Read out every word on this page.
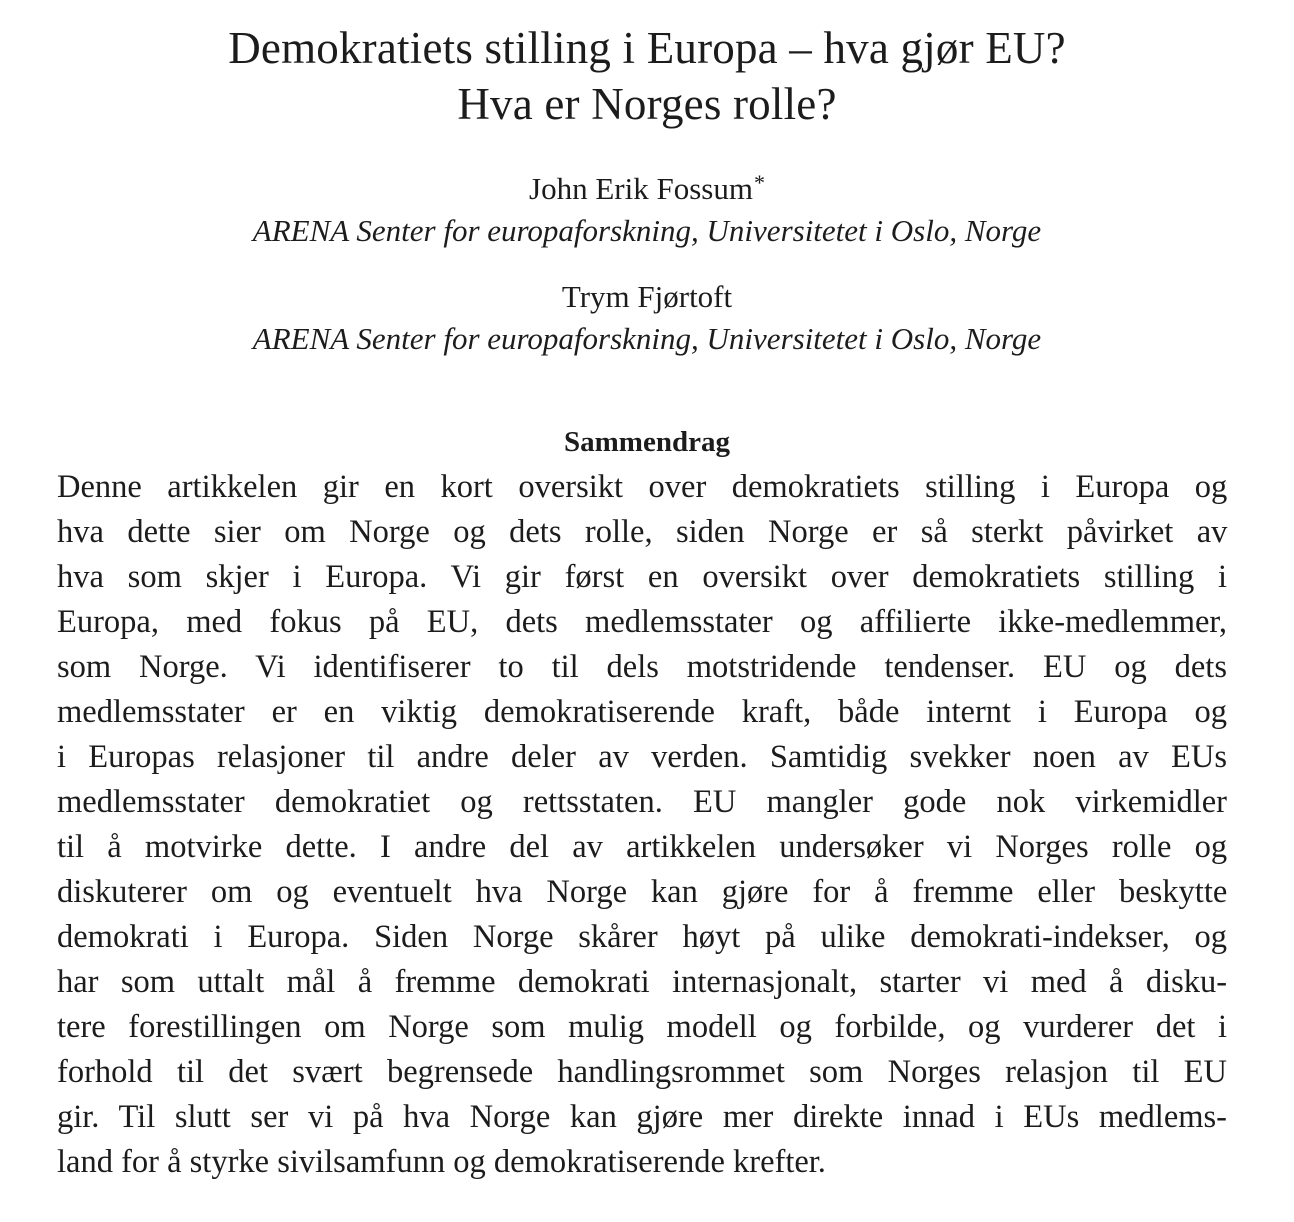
Demokratiets stilling i Europa – hva gjør EU?
Hva er Norges rolle?
John Erik Fossum*
ARENA Senter for europaforskning, Universitetet i Oslo, Norge
Trym Fjørtoft
ARENA Senter for europaforskning, Universitetet i Oslo, Norge
Sammendrag
Denne artikkelen gir en kort oversikt over demokratiets stilling i Europa og
hva dette sier om Norge og dets rolle, siden Norge er så sterkt påvirket av
hva som skjer i Europa. Vi gir først en oversikt over demokratiets stilling i
Europa, med fokus på EU, dets medlemsstater og affilierte ikke-medlemmer,
som Norge. Vi identifiserer to til dels motstridende tendenser. EU og dets
medlemsstater er en viktig demokratiserende kraft, både internt i Europa og
i Europas relasjoner til andre deler av verden. Samtidig svekker noen av EUs
medlemsstater demokratiet og rettsstaten. EU mangler gode nok virkemidler
til å motvirke dette. I andre del av artikkelen undersøker vi Norges rolle og
diskuterer om og eventuelt hva Norge kan gjøre for å fremme eller beskytte
demokrati i Europa. Siden Norge skårer høyt på ulike demokrati-indekser, og
har som uttalt mål å fremme demokrati internasjonalt, starter vi med å disku-
tere forestillingen om Norge som mulig modell og forbilde, og vurderer det i
forhold til det svært begrensede handlingsrommet som Norges relasjon til EU
gir. Til slutt ser vi på hva Norge kan gjøre mer direkte innad i EUs medlems-
land for å styrke sivilsamfunn og demokratiserende krefter.
